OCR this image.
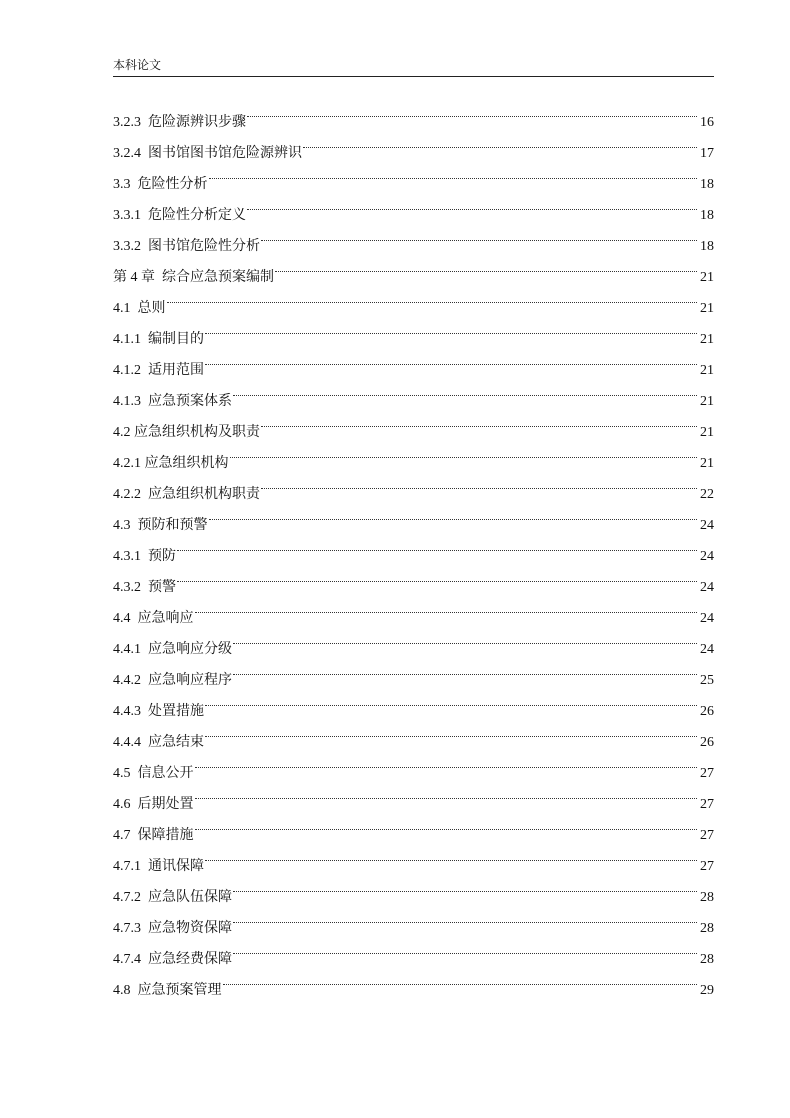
本科论文
3.2.3  危险源辨识步骤	16
3.2.4  图书馆图书馆危险源辨识	17
3.3  危险性分析	18
3.3.1  危险性分析定义	18
3.3.2  图书馆危险性分析	18
第 4 章  综合应急预案编制	21
4.1  总则	21
4.1.1  编制目的	21
4.1.2  适用范围	21
4.1.3  应急预案体系	21
4.2 应急组织机构及职责	21
4.2.1 应急组织机构	21
4.2.2  应急组织机构职责	22
4.3  预防和预警	24
4.3.1  预防	24
4.3.2  预警	24
4.4  应急响应	24
4.4.1  应急响应分级	24
4.4.2  应急响应程序	25
4.4.3  处置措施	26
4.4.4  应急结束	26
4.5  信息公开	27
4.6  后期处置	27
4.7  保障措施	27
4.7.1  通讯保障	27
4.7.2  应急队伍保障	28
4.7.3  应急物资保障	28
4.7.4  应急经费保障	28
4.8  应急预案管理	29
